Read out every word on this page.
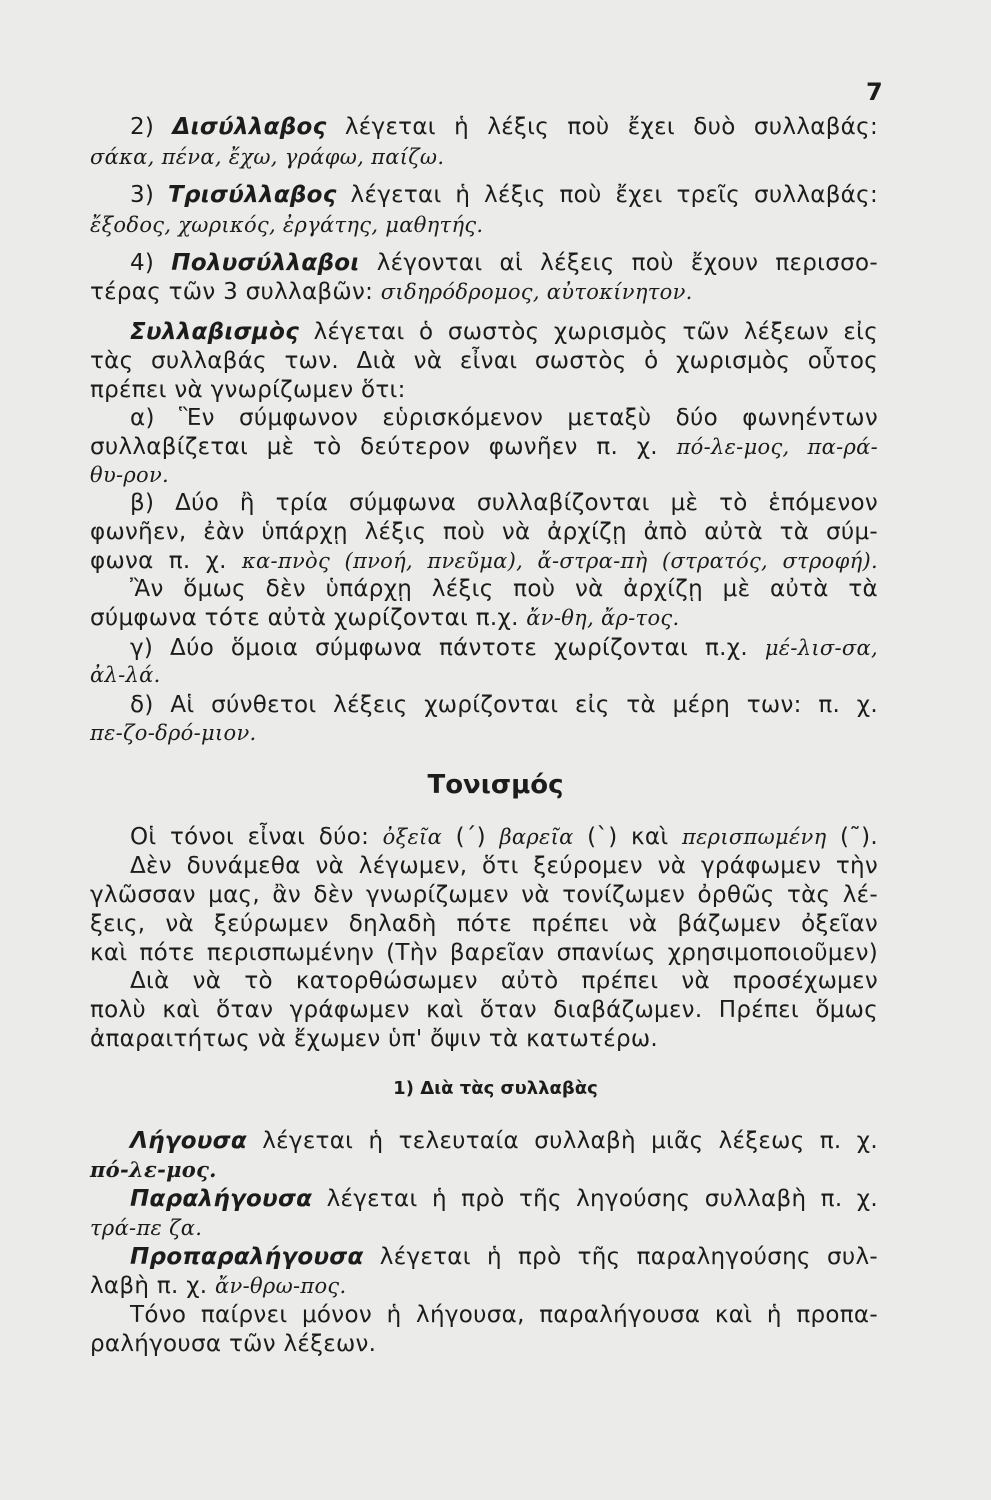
7
2) Δισύλλαβος λέγεται ἡ λέξις ποὺ ἔχει δυὸ συλλαβάς:
σάκα, πένα, ἔχω, γράφω, παίζω.
3) Τρισύλλαβος λέγεται ἡ λέξις ποὺ ἔχει τρεῖς συλλαβάς:
ἔξοδος, χωρικός, ἐργάτης, μαθητής.
4) Πολυσύλλαβοι λέγονται αἱ λέξεις ποὺ ἔχουν περισσο-
τέρας τῶν 3 συλλαβῶν: σιδηρόδρομος, αὐτοκίνητον.
Συλλαβισμὸς λέγεται ὁ σωστὸς χωρισμὸς τῶν λέξεων εἰς
τὰς συλλαβάς των. Διὰ νὰ εἶναι σωστὸς ὁ χωρισμὸς οὗτος
πρέπει νὰ γνωρίζωμεν ὅτι:
α) Ἓν σύμφωνον εὑρισκόμενον μεταξὺ δύο φωνηέντων
συλλαβίζεται μὲ τὸ δεύτερον φωνῆεν π. χ. πό-λε-μος, πα-ρά-
θυ-ρον.
β) Δύο ἢ τρία σύμφωνα συλλαβίζονται μὲ τὸ ἑπόμενον
φωνῆεν, ἐὰν ὑπάρχῃ λέξις ποὺ νὰ ἀρχίζῃ ἀπὸ αὐτὰ τὰ σύμ-
φωνα π. χ. κα-πνὸς (πνοή, πνεῦμα), ἄ-στρα-πὴ (στρατός, στροφή).
Ἂν ὅμως δὲν ὑπάρχῃ λέξις ποὺ νὰ ἀρχίζῃ μὲ αὐτὰ τὰ
σύμφωνα τότε αὐτὰ χωρίζονται π.χ. ἄν-θη, ἄρ-τος.
γ) Δύο ὅμοια σύμφωνα πάντοτε χωρίζονται π.χ. μέ-λισ-σα,
ἀλ-λά.
δ) Αἱ σύνθετοι λέξεις χωρίζονται εἰς τὰ μέρη των: π. χ.
πε-ζο-δρό-μιον.
Τονισμός
Οἱ τόνοι εἶναι δύο: ὀξεῖα (΄) βαρεῖα (`) καὶ περισπωμένη (῀).
Δὲν δυνάμεθα νὰ λέγωμεν, ὅτι ξεύρομεν νὰ γράφωμεν τὴν
γλῶσσαν μας, ἂν δὲν γνωρίζωμεν νὰ τονίζωμεν ὀρθῶς τὰς λέ-
ξεις, νὰ ξεύρωμεν δηλαδὴ πότε πρέπει νὰ βάζωμεν ὀξεῖαν
καὶ πότε περισπωμένην (Τὴν βαρεῖαν σπανίως χρησιμοποιοῦμεν)
Διὰ νὰ τὸ κατορθώσωμεν αὐτὸ πρέπει νὰ προσέχωμεν
πολὺ καὶ ὅταν γράφωμεν καὶ ὅταν διαβάζωμεν. Πρέπει ὅμως
ἀπαραιτήτως νὰ ἔχωμεν ὑπ' ὄψιν τὰ κατωτέρω.
1) Διὰ τὰς συλλαβὰς
Λήγουσα λέγεται ἡ τελευταία συλλαβὴ μιᾶς λέξεως π. χ.
πό-λε-μος.
Παραλήγουσα λέγεται ἡ πρὸ τῆς ληγούσης συλλαβὴ π. χ.
τρά-πε ζα.
Προπαραλήγουσα λέγεται ἡ πρὸ τῆς παραληγούσης συλ-
λαβὴ π. χ. ἄν-θρω-πος.
Τόνο παίρνει μόνον ἡ λήγουσα, παραλήγουσα καὶ ἡ προπα-
ραλήγουσα τῶν λέξεων.
